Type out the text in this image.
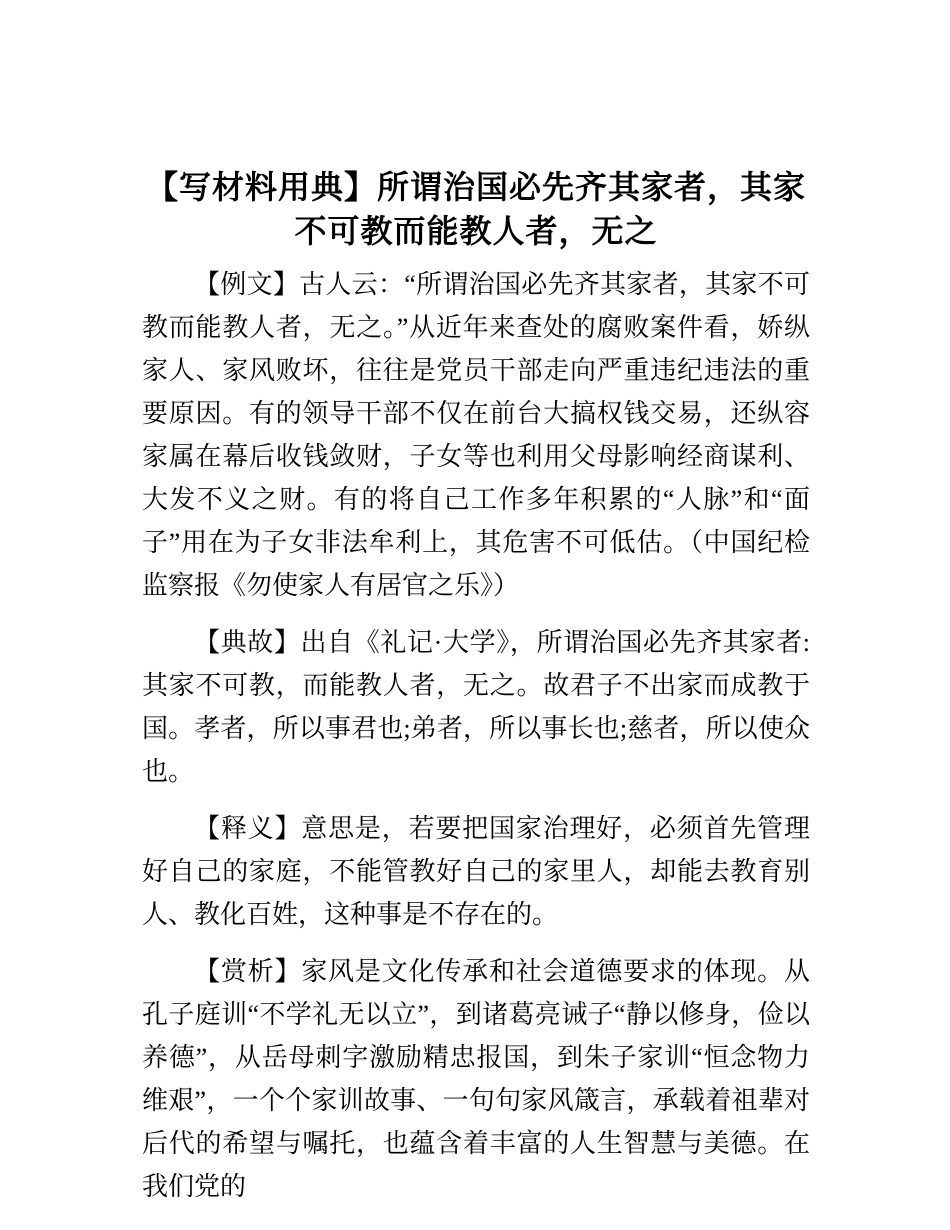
【写材料用典】所谓治国必先齐其家者，其家不可教而能教人者，无之

【例文】古人云：“所谓治国必先齐其家者，其家不可教而能教人者，无之。”从近年来查处的腐败案件看，娇纵家人、家风败坏，往往是党员干部走向严重违纪违法的重要原因。有的领导干部不仅在前台大搞权钱交易，还纵容家属在幕后收钱敛财，子女等也利用父母影响经商谋利、大发不义之财。有的将自己工作多年积累的“人脉”和“面子”用在为子女非法牟利上，其危害不可低估。（中国纪检监察报《勿使家人有居官之乐》）

【典故】出自《礼记·大学》，所谓治国必先齐其家者:其家不可教，而能教人者，无之。故君子不出家而成教于国。孝者，所以事君也;弟者，所以事长也;慈者，所以使众也。

【释义】意思是，若要把国家治理好，必须首先管理好自己的家庭，不能管教好自己的家里人，却能去教育别人、教化百姓，这种事是不存在的。

【赏析】家风是文化传承和社会道德要求的体现。从孔子庭训“不学礼无以立”，到诸葛亮诫子“静以修身，俭以养德”，从岳母刺字激励精忠报国，到朱子家训“恒念物力维艰”，一个个家训故事、一句句家风箴言，承载着祖辈对后代的希望与嘱托，也蕴含着丰富的人生智慧与美德。在我们党的
